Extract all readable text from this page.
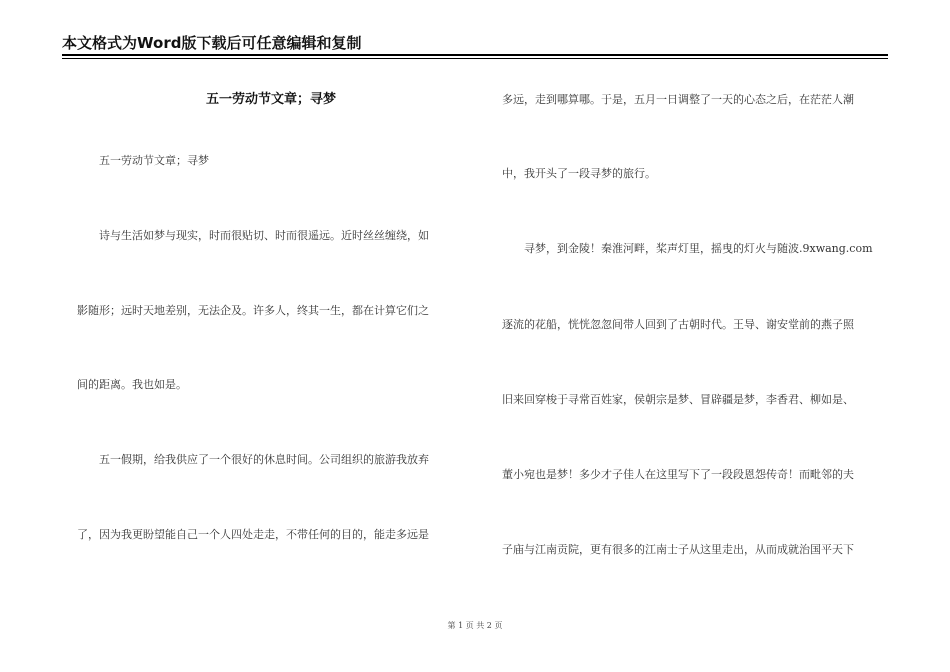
本文格式为Word版下载后可任意编辑和复制
五一劳动节文章；寻梦
五一劳动节文章；寻梦
诗与生活如梦与现实，时而很贴切、时而很遥远。近时丝丝缠绕，如
影随形；远时天地差别，无法企及。许多人，终其一生，都在计算它们之
间的距离。我也如是。
五一假期，给我供应了一个很好的休息时间。公司组织的旅游我放弃
了，因为我更盼望能自己一个人四处走走，不带任何的目的，能走多远是
多远，走到哪算哪。于是，五月一日调整了一天的心态之后，在茫茫人潮
中，我开头了一段寻梦的旅行。
寻梦，到金陵！秦淮河畔，桨声灯里，摇曳的灯火与随波.9xwang.com
逐流的花船，恍恍忽忽间带人回到了古朝时代。王导、谢安堂前的燕子照
旧来回穿梭于寻常百姓家，侯朝宗是梦、冒辟疆是梦，李香君、柳如是、
董小宛也是梦！多少才子佳人在这里写下了一段段恩怨传奇！而毗邻的夫
子庙与江南贡院，更有很多的江南士子从这里走出，从而成就治国平天下
第 1 页 共 2 页
